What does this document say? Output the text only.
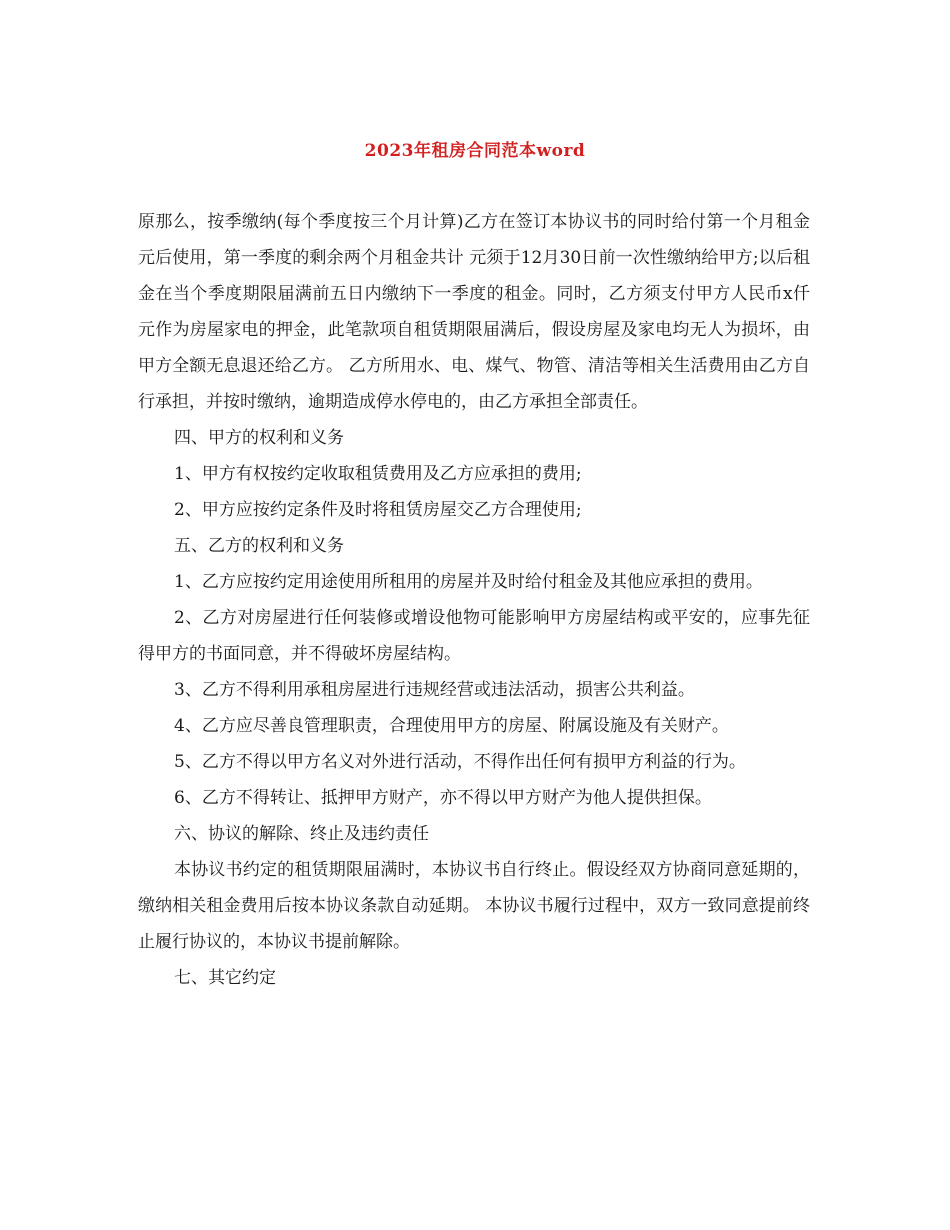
2023年租房合同范本word

原那么，按季缴纳(每个季度按三个月计算)乙方在签订本协议书的同时给付第一个月租金 元后使用，第一季度的剩余两个月租金共计 元须于12月30日前一次性缴纳给甲方;以后租金在当个季度期限届满前五日内缴纳下一季度的租金。同时，乙方须支付甲方人民币x仟元作为房屋家电的押金，此笔款项自租赁期限届满后，假设房屋及家电均无人为损坏，由甲方全额无息退还给乙方。 乙方所用水、电、煤气、物管、清洁等相关生活费用由乙方自行承担，并按时缴纳，逾期造成停水停电的，由乙方承担全部责任。

四、甲方的权利和义务

1、甲方有权按约定收取租赁费用及乙方应承担的费用;

2、甲方应按约定条件及时将租赁房屋交乙方合理使用;

五、乙方的权利和义务

1、乙方应按约定用途使用所租用的房屋并及时给付租金及其他应承担的费用。

2、乙方对房屋进行任何装修或增设他物可能影响甲方房屋结构或平安的，应事先征得甲方的书面同意，并不得破坏房屋结构。

3、乙方不得利用承租房屋进行违规经营或违法活动，损害公共利益。

4、乙方应尽善良管理职责，合理使用甲方的房屋、附属设施及有关财产。

5、乙方不得以甲方名义对外进行活动，不得作出任何有损甲方利益的行为。

6、乙方不得转让、抵押甲方财产，亦不得以甲方财产为他人提供担保。

六、协议的解除、终止及违约责任

本协议书约定的租赁期限届满时，本协议书自行终止。假设经双方协商同意延期的，缴纳相关租金费用后按本协议条款自动延期。 本协议书履行过程中，双方一致同意提前终止履行协议的，本协议书提前解除。

七、其它约定
